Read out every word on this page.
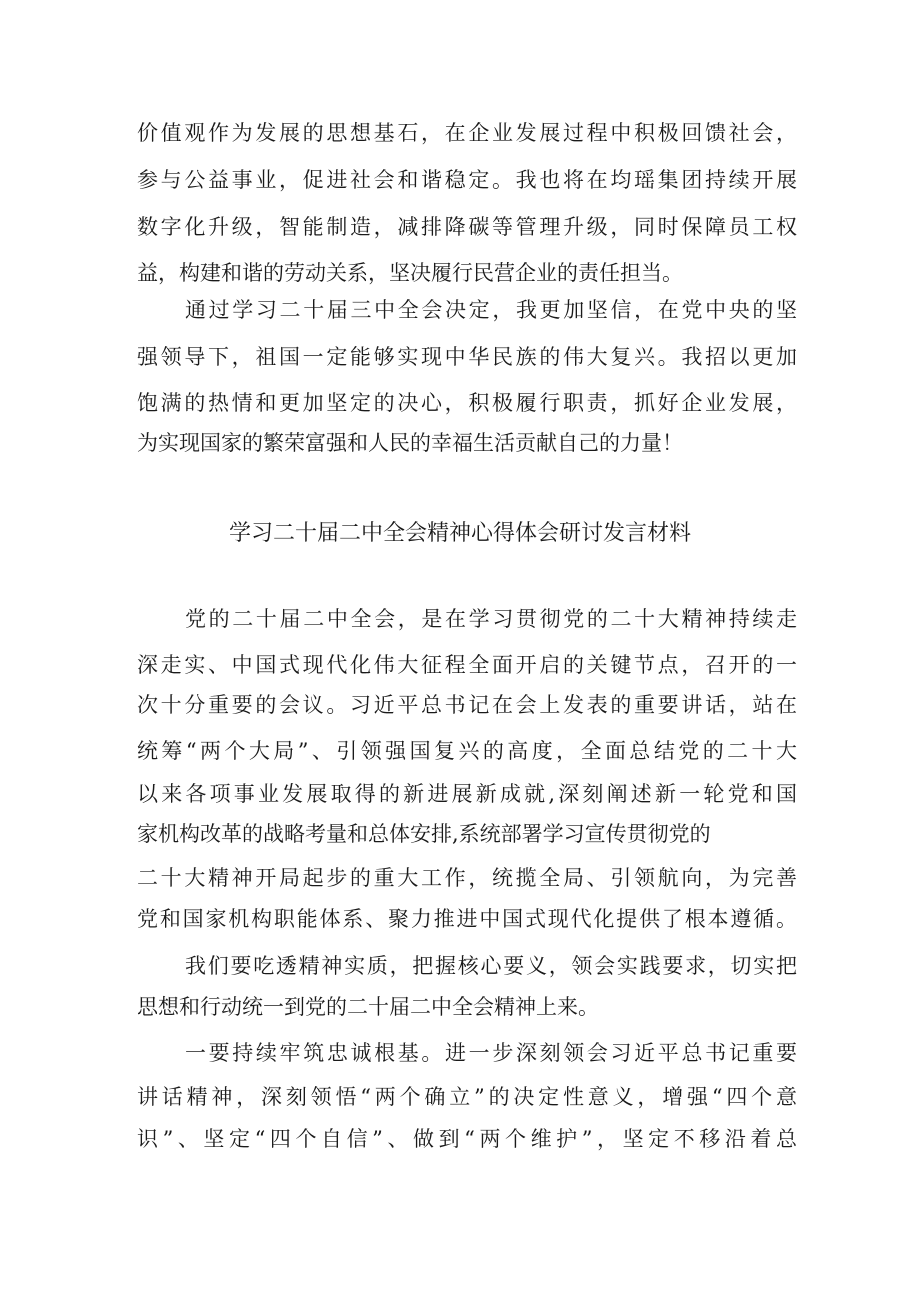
价值观作为发展的思想基石，在企业发展过程中积极回馈社会，
参与公益事业，促进社会和谐稳定。我也将在均瑶集团持续开展
数字化升级，智能制造，减排降碳等管理升级，同时保障员工权
益，构建和谐的劳动关系，坚决履行民营企业的责任担当。
通过学习二十届三中全会决定，我更加坚信，在党中央的坚
强领导下，祖国一定能够实现中华民族的伟大复兴。我招以更加
饱满的热情和更加坚定的决心，积极履行职责，抓好企业发展，
为实现国家的繁荣富强和人民的幸福生活贡献自己的力量！
学习二十届二中全会精神心得体会研讨发言材料
党的二十届二中全会，是在学习贯彻党的二十大精神持续走
深走实、中国式现代化伟大征程全面开启的关键节点，召开的一
次十分重要的会议。习近平总书记在会上发表的重要讲话，站在
统筹“两个大局”、引领强国复兴的高度，全面总结党的二十大
以来各项事业发展取得的新进展新成就,深刻阐述新一轮党和国
家机构改革的战略考量和总体安排,系统部署学习宣传贯彻党的
二十大精神开局起步的重大工作，统揽全局、引领航向，为完善
党和国家机构职能体系、聚力推进中国式现代化提供了根本遵循。
我们要吃透精神实质，把握核心要义，领会实践要求，切实把
思想和行动统一到党的二十届二中全会精神上来。
一要持续牢筑忠诚根基。进一步深刻领会习近平总书记重要
讲话精神，深刻领悟“两个确立”的决定性意义，增强“四个意
识”、坚定“四个自信”、做到“两个维护”，坚定不移沿着总
